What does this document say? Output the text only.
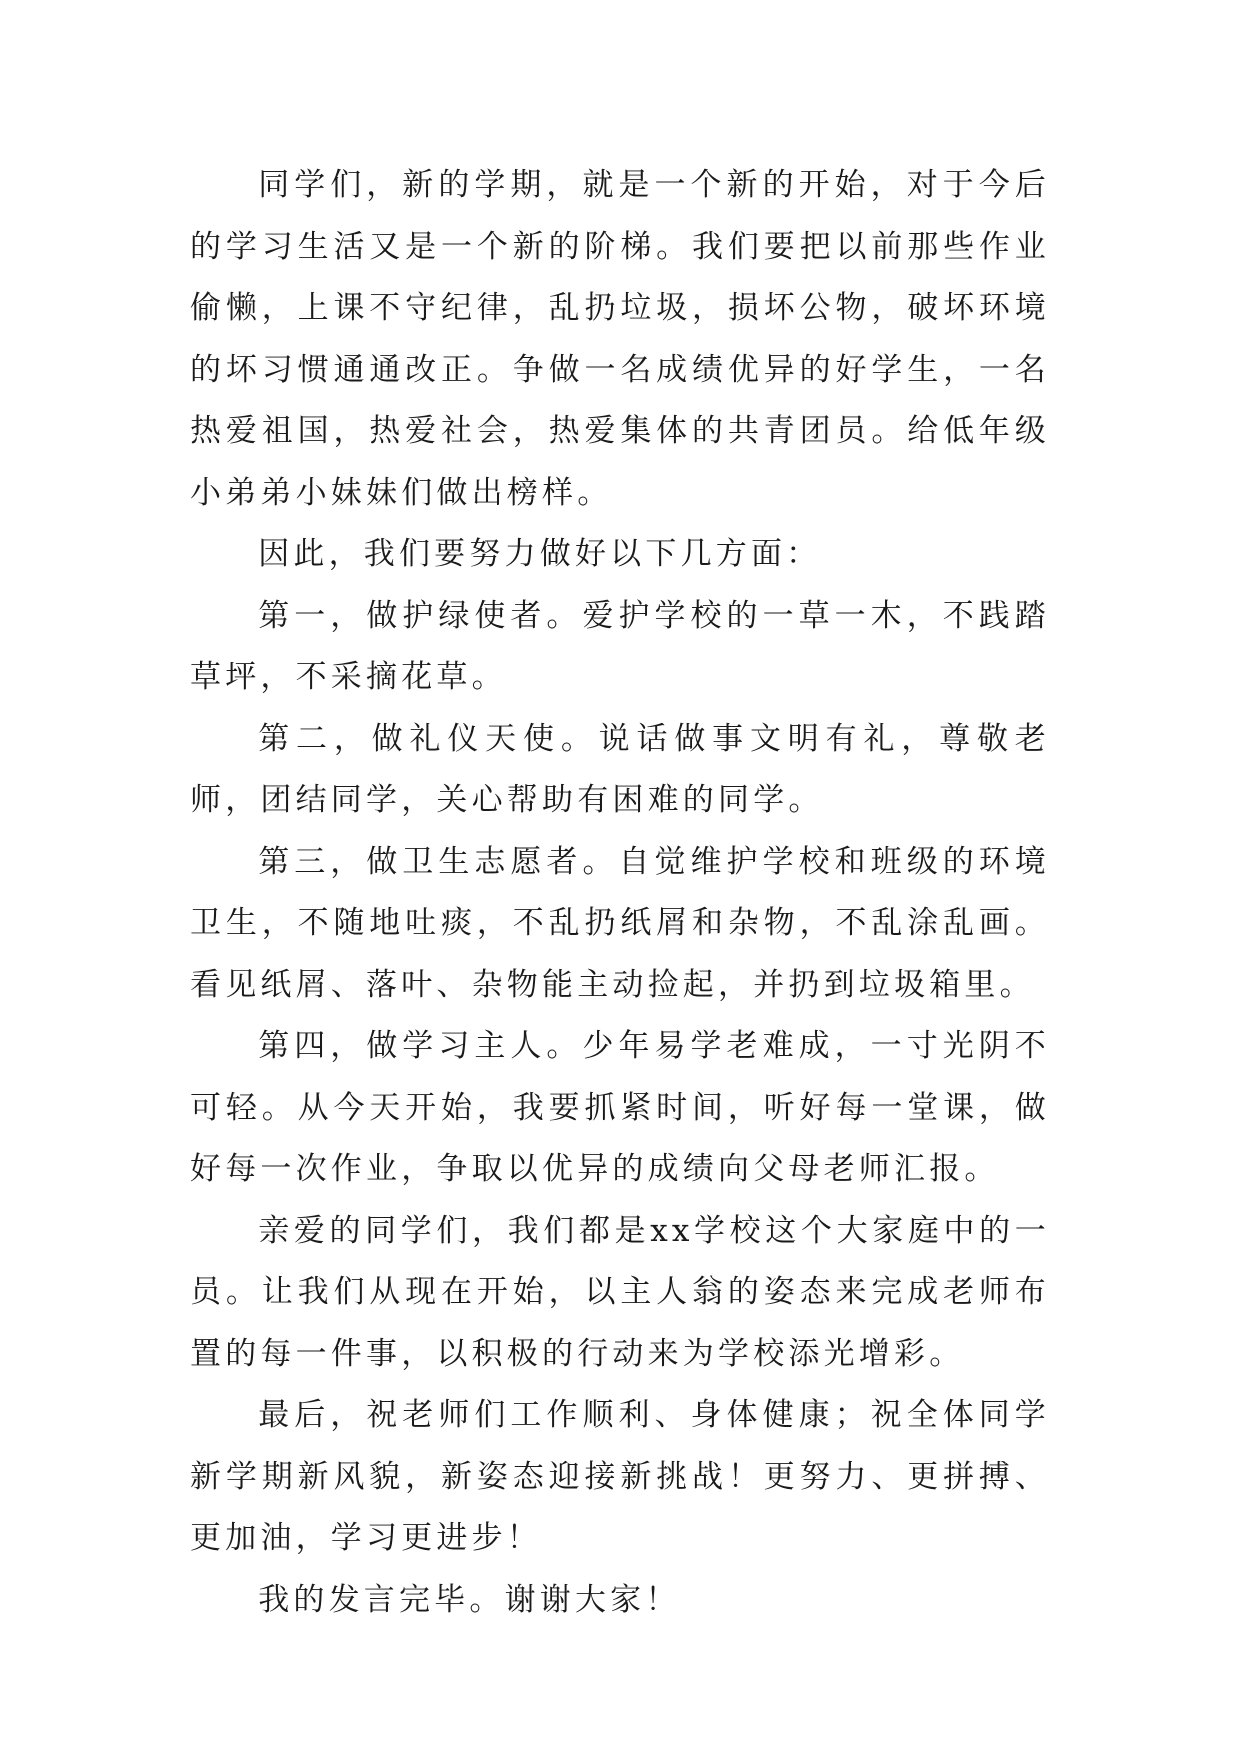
同学们，新的学期，就是一个新的开始，对于今后的学习生活又是一个新的阶梯。我们要把以前那些作业偷懒，上课不守纪律，乱扔垃圾，损坏公物，破坏环境的坏习惯通通改正。争做一名成绩优异的好学生，一名热爱祖国，热爱社会，热爱集体的共青团员。给低年级小弟弟小妹妹们做出榜样。

因此，我们要努力做好以下几方面：

第一，做护绿使者。爱护学校的一草一木，不践踏草坪，不采摘花草。

第二，做礼仪天使。说话做事文明有礼，尊敬老师，团结同学，关心帮助有困难的同学。

第三，做卫生志愿者。自觉维护学校和班级的环境卫生，不随地吐痰，不乱扔纸屑和杂物，不乱涂乱画。看见纸屑、落叶、杂物能主动捡起，并扔到垃圾箱里。

第四，做学习主人。少年易学老难成，一寸光阴不可轻。从今天开始，我要抓紧时间，听好每一堂课，做好每一次作业，争取以优异的成绩向父母老师汇报。

亲爱的同学们，我们都是xx学校这个大家庭中的一员。让我们从现在开始，以主人翁的姿态来完成老师布置的每一件事，以积极的行动来为学校添光增彩。

最后，祝老师们工作顺利、身体健康；祝全体同学新学期新风貌，新姿态迎接新挑战！更努力、更拼搏、更加油，学习更进步！

我的发言完毕。谢谢大家！
